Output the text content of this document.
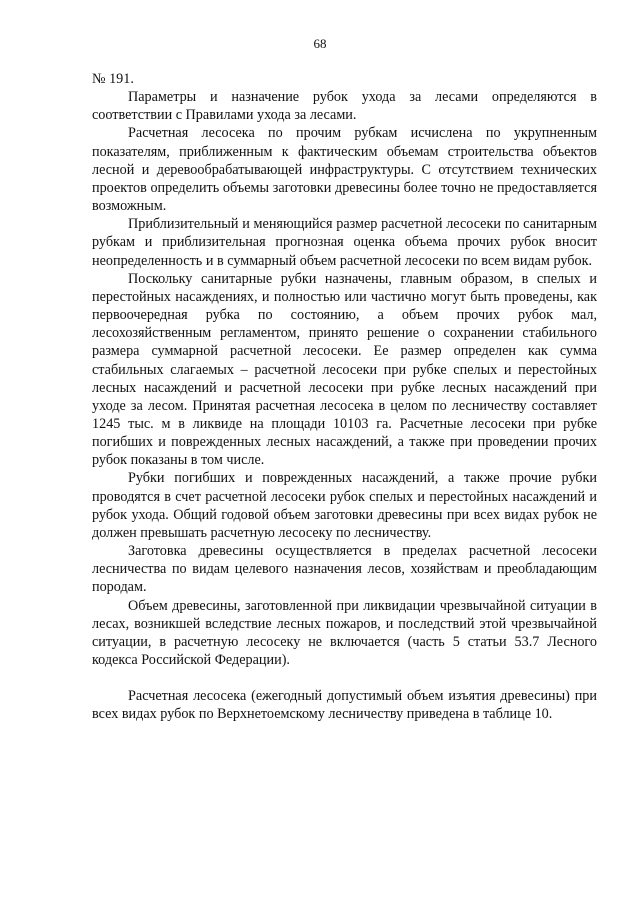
68

№ 191.

Параметры и назначение рубок ухода за лесами определяются в соответствии с Правилами ухода за лесами.

Расчетная лесосека по прочим рубкам исчислена по укрупненным показателям, приближенным к фактическим объемам строительства объектов лесной и деревообрабатывающей инфраструктуры. С отсутствием технических проектов определить объемы заготовки древесины более точно не предоставляется возможным.

Приблизительный и меняющийся размер расчетной лесосеки по санитарным рубкам и приблизительная прогнозная оценка объема прочих рубок вносит неопределенность и в суммарный объем расчетной лесосеки по всем видам рубок.

Поскольку санитарные рубки назначены, главным образом, в спелых и перестойных насаждениях, и полностью или частично могут быть проведены, как первоочередная рубка по состоянию, а объем прочих рубок мал, лесохозяйственным регламентом, принято решение о сохранении стабильного размера суммарной расчетной лесосеки. Ее размер определен как сумма стабильных слагаемых – расчетной лесосеки при рубке спелых и перестойных лесных насаждений и расчетной лесосеки при рубке лесных насаждений при уходе за лесом. Принятая расчетная лесосека в целом по лесничеству составляет 1245 тыс. м в ликвиде на площади 10103 га. Расчетные лесосеки при рубке погибших и поврежденных лесных насаждений, а также при проведении прочих рубок показаны в том числе.

Рубки погибших и поврежденных насаждений, а также прочие рубки проводятся в счет расчетной лесосеки рубок спелых и перестойных насаждений и рубок ухода. Общий годовой объем заготовки древесины при всех видах рубок не должен превышать расчетную лесосеку по лесничеству.

Заготовка древесины осуществляется в пределах расчетной лесосеки лесничества по видам целевого назначения лесов, хозяйствам и преобладающим породам.

Объем древесины, заготовленной при ликвидации чрезвычайной ситуации в лесах, возникшей вследствие лесных пожаров, и последствий этой чрезвычайной ситуации, в расчетную лесосеку не включается (часть 5 статьи 53.7 Лесного кодекса Российской Федерации).

Расчетная лесосека (ежегодный допустимый объем изъятия древесины) при всех видах рубок по Верхнетоемскому лесничеству приведена в таблице 10.
